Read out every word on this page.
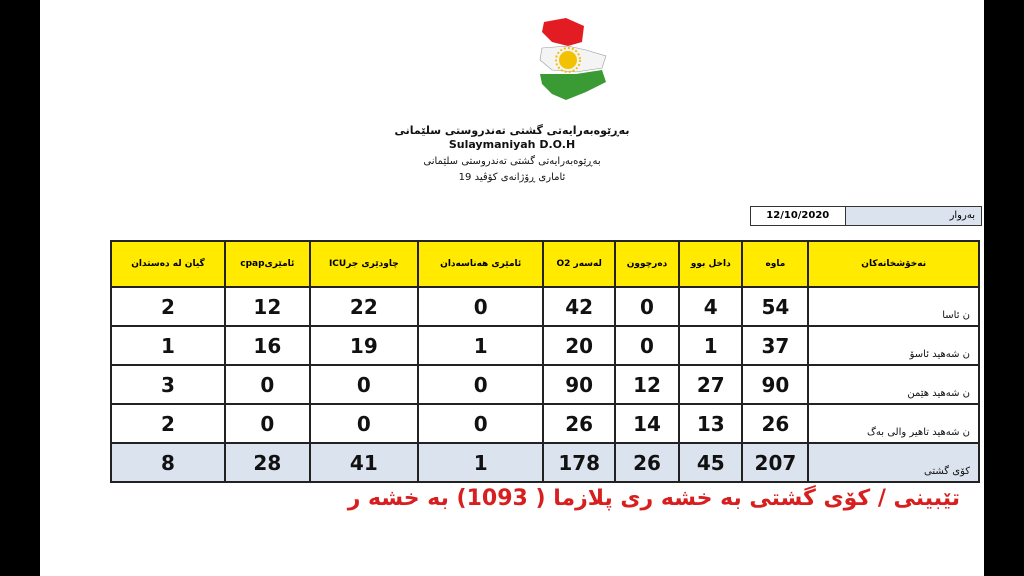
بەڕێوەبەرایەتی گشتی تەندروستی سلێمانی
Sulaymaniyah D.O.H
بەڕێوەبەرایەتی گشتی تەندروستی سلێمانی
ئاماری ڕۆژانەی کۆڤید 19
بەروار
12/10/2020
نەخۆشخانەکان	ماوە	داخل بوو	دەرچوون	لەسەر O2	ئامێری هەناسەدان	چاودێری جرICU	ئامێریcpap	گیان لە دەستدان
ن ئاسا	54	4	0	42	0	22	12	2
ن شەهید ئاسۆ	37	1	0	20	1	19	16	1
ن شەهید هێمن	90	27	12	90	0	0	0	3
ن شەهید تاهیر والی بەگ	26	13	14	26	0	0	0	2
کۆی گشتی	207	45	26	178	1	41	28	8
تێبینی / کۆی گشتی بە خشە ری پلازما ( 1093) بە خشە ر
